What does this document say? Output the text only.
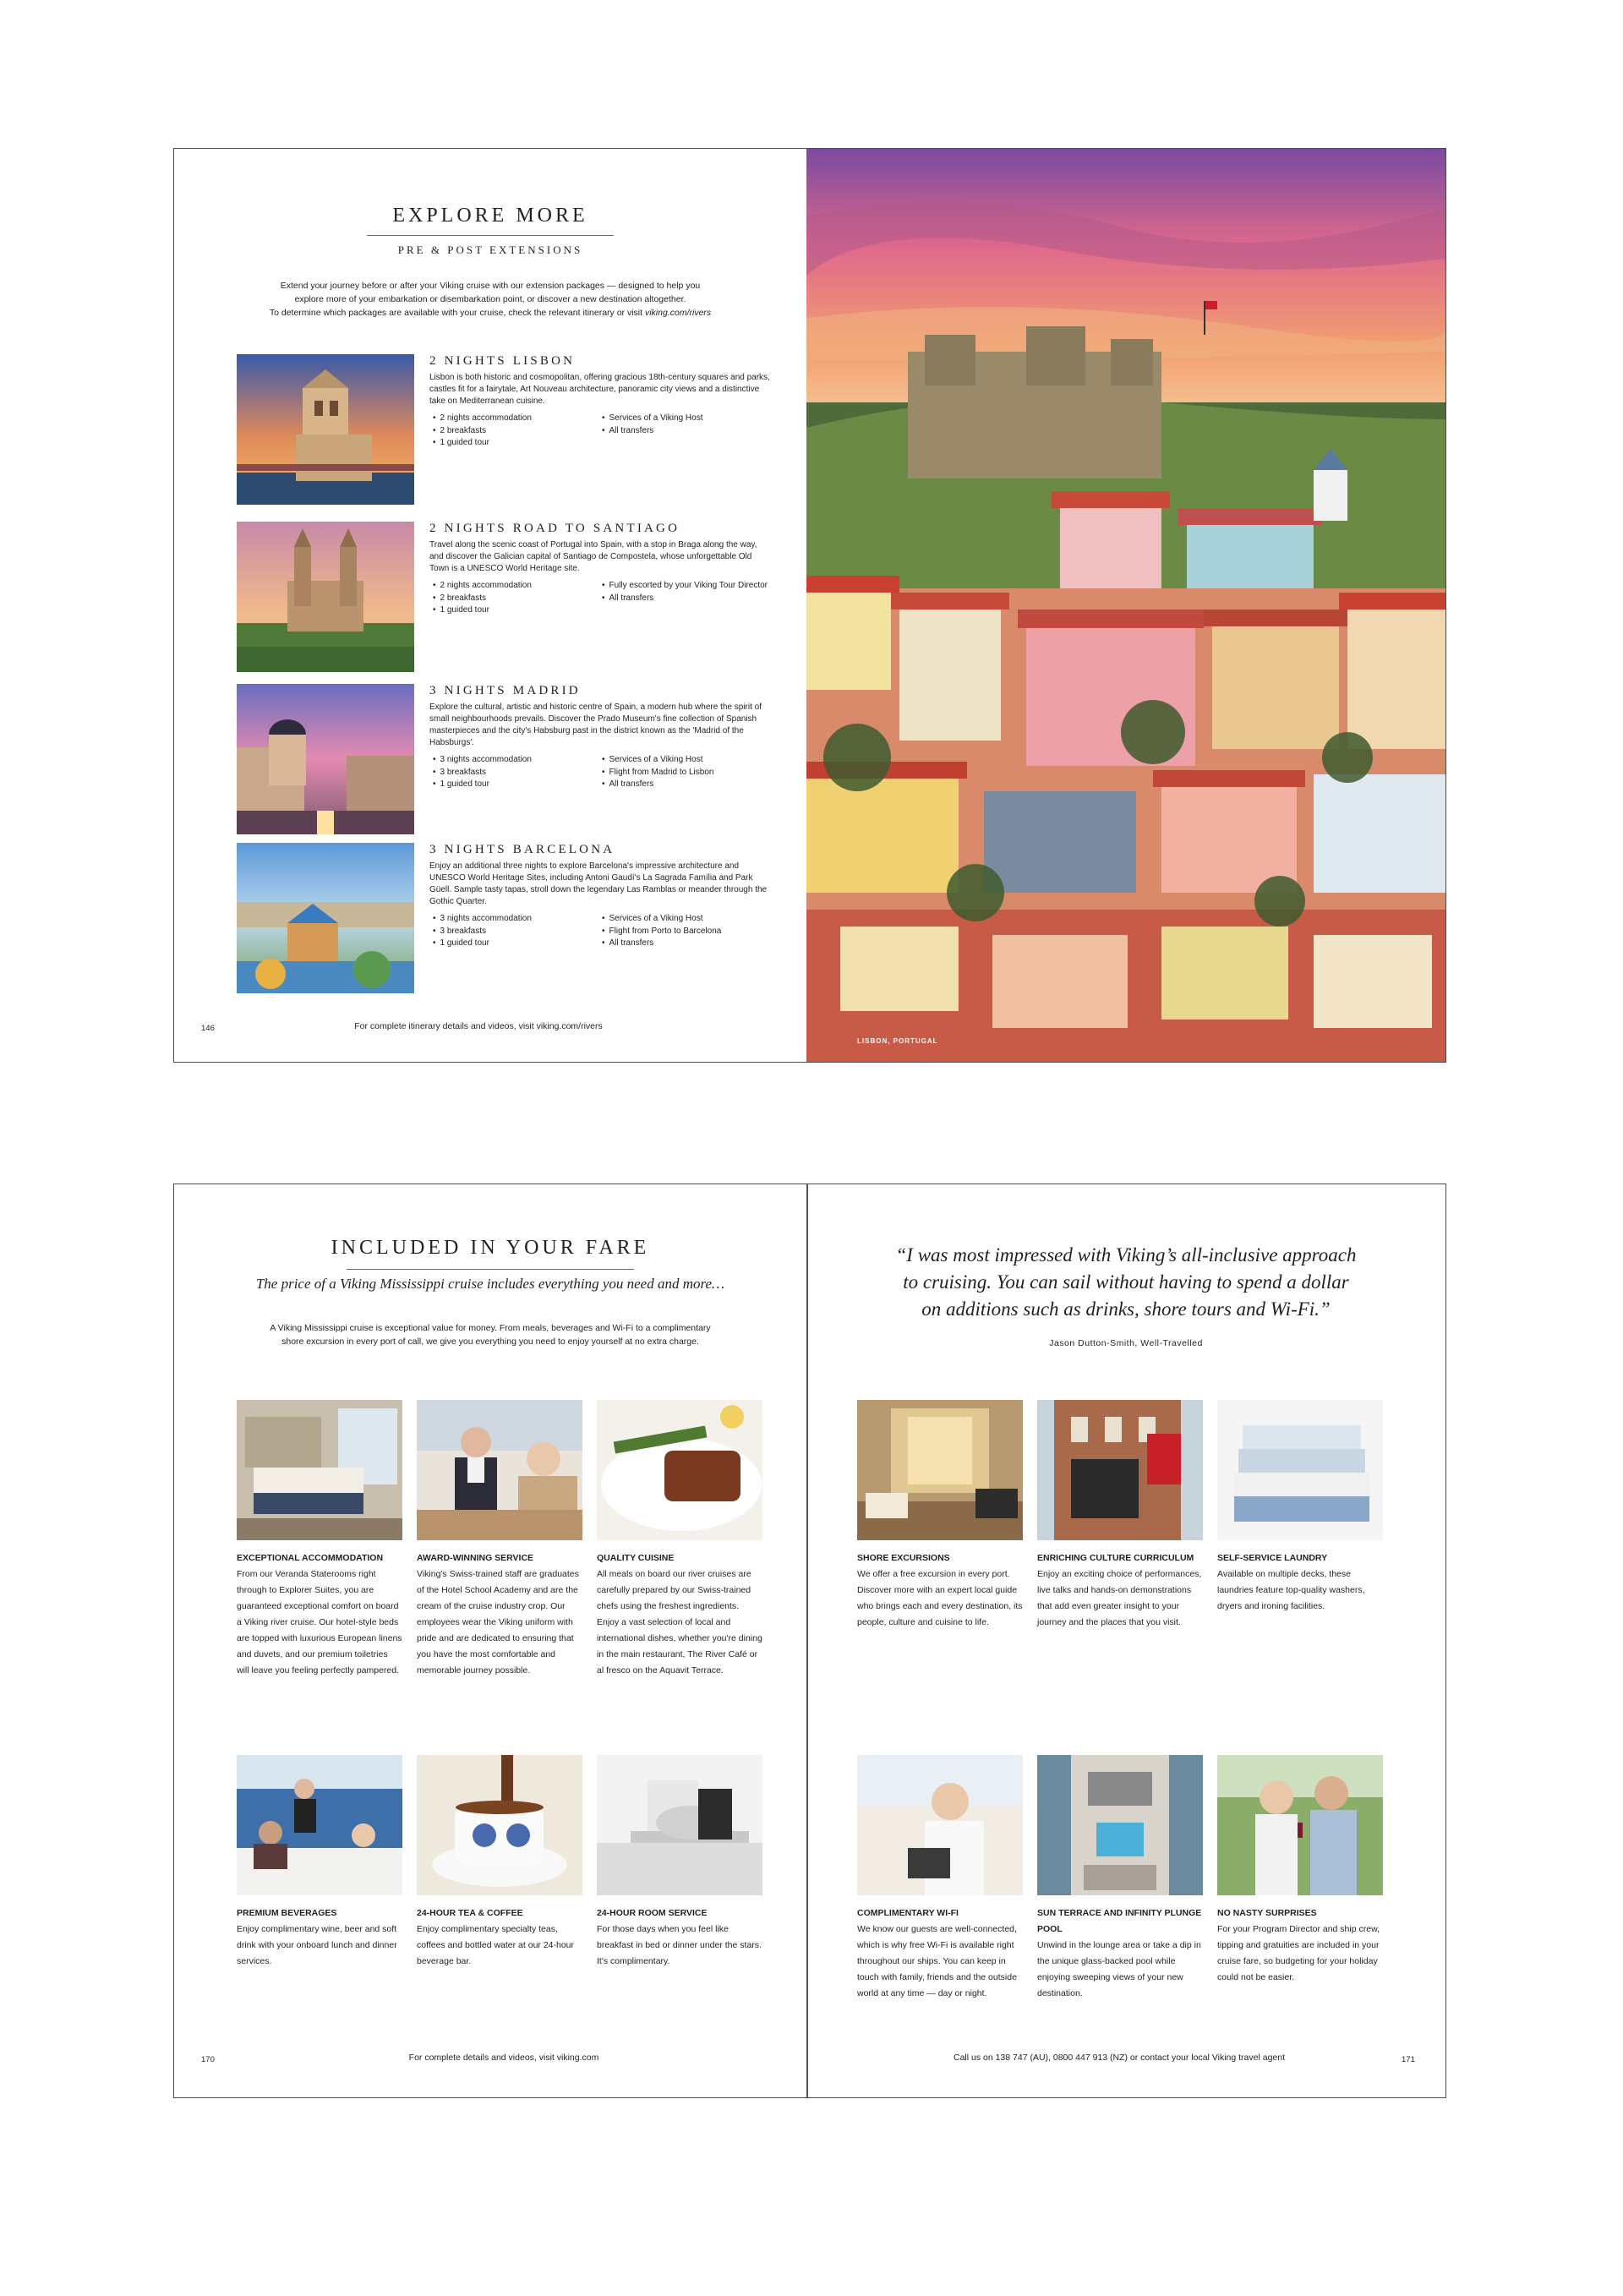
EXPLORE MORE
PRE & POST EXTENSIONS
Extend your journey before or after your Viking cruise with our extension packages — designed to help you
explore more of your embarkation or disembarkation point, or discover a new destination altogether.
To determine which packages are available with your cruise, check the relevant itinerary or visit viking.com/rivers
2 NIGHTS LISBON

Lisbon is both historic and cosmopolitan, offering gracious 18th-century squares and parks, castles fit for a fairytale, Art Nouveau architecture, panoramic city views and a distinctive take on Mediterranean cuisine.

• 2 nights accommodation
• 2 breakfasts
• 1 guided tour
• Services of a Viking Host
• All transfers
2 NIGHTS ROAD TO SANTIAGO

Travel along the scenic coast of Portugal into Spain, with a stop in Braga along the way, and discover the Galician capital of Santiago de Compostela, whose unforgettable Old Town is a UNESCO World Heritage site.

• 2 nights accommodation
• 2 breakfasts
• 1 guided tour
• Fully escorted by your Viking Tour Director
• All transfers
3 NIGHTS MADRID

Explore the cultural, artistic and historic centre of Spain, a modern hub where the spirit of small neighbourhoods prevails. Discover the Prado Museum's fine collection of Spanish masterpieces and the city's Habsburg past in the district known as the 'Madrid of the Habsburgs'.

• 3 nights accommodation
• 3 breakfasts
• 1 guided tour
• Services of a Viking Host
• Flight from Madrid to Lisbon
• All transfers
3 NIGHTS BARCELONA

Enjoy an additional three nights to explore Barcelona's impressive architecture and UNESCO World Heritage Sites, including Antoni Gaudí's La Sagrada Família and Park Güell. Sample tasty tapas, stroll down the legendary Las Ramblas or meander through the Gothic Quarter.

• 3 nights accommodation
• 3 breakfasts
• 1 guided tour
• Services of a Viking Host
• Flight from Porto to Barcelona
• All transfers
146	For complete itinerary details and videos, visit viking.com/rivers
LISBON, PORTUGAL
INCLUDED IN YOUR FARE
The price of a Viking Mississippi cruise includes everything you need and more…
A Viking Mississippi cruise is exceptional value for money. From meals, beverages and Wi-Fi to a complimentary
shore excursion in every port of call, we give you everything you need to enjoy yourself at no extra charge.
EXCEPTIONAL ACCOMMODATION

From our Veranda Staterooms right through to Explorer Suites, you are guaranteed exceptional comfort on board a Viking river cruise. Our hotel-style beds are topped with luxurious European linens and duvets, and our premium toiletries will leave you feeling perfectly pampered.

AWARD-WINNING SERVICE

Viking's Swiss-trained staff are graduates of the Hotel School Academy and are the cream of the cruise industry crop. Our employees wear the Viking uniform with pride and are dedicated to ensuring that you have the most comfortable and memorable journey possible.

QUALITY CUISINE

All meals on board our river cruises are carefully prepared by our Swiss-trained chefs using the freshest ingredients. Enjoy a vast selection of local and international dishes, whether you're dining in the main restaurant, The River Café or al fresco on the Aquavit Terrace.

PREMIUM BEVERAGES

Enjoy complimentary wine, beer and soft drink with your onboard lunch and dinner services.

24-HOUR TEA & COFFEE

Enjoy complimentary specialty teas, coffees and bottled water at our 24-hour beverage bar.

24-HOUR ROOM SERVICE

For those days when you feel like breakfast in bed or dinner under the stars. It's complimentary.

170	For complete details and videos, visit viking.com
“I was most impressed with Viking’s all-inclusive approach
to cruising. You can sail without having to spend a dollar
on additions such as drinks, shore tours and Wi-Fi.”
Jason Dutton-Smith, Well-Travelled
SHORE EXCURSIONS

We offer a free excursion in every port. Discover more with an expert local guide who brings each and every destination, its people, culture and cuisine to life.

ENRICHING CULTURE CURRICULUM

Enjoy an exciting choice of performances, live talks and hands-on demonstrations that add even greater insight to your journey and the places that you visit.

SELF-SERVICE LAUNDRY

Available on multiple decks, these laundries feature top-quality washers, dryers and ironing facilities.

COMPLIMENTARY WI-FI

We know our guests are well-connected, which is why free Wi-Fi is available right throughout our ships. You can keep in touch with family, friends and the outside world at any time — day or night.

SUN TERRACE AND INFINITY PLUNGE POOL

Unwind in the lounge area or take a dip in the unique glass-backed pool while enjoying sweeping views of your new destination.

NO NASTY SURPRISES

For your Program Director and ship crew, tipping and gratuities are included in your cruise fare, so budgeting for your holiday could not be easier.

Call us on 138 747 (AU), 0800 447 913 (NZ) or contact your local Viking travel agent	171
